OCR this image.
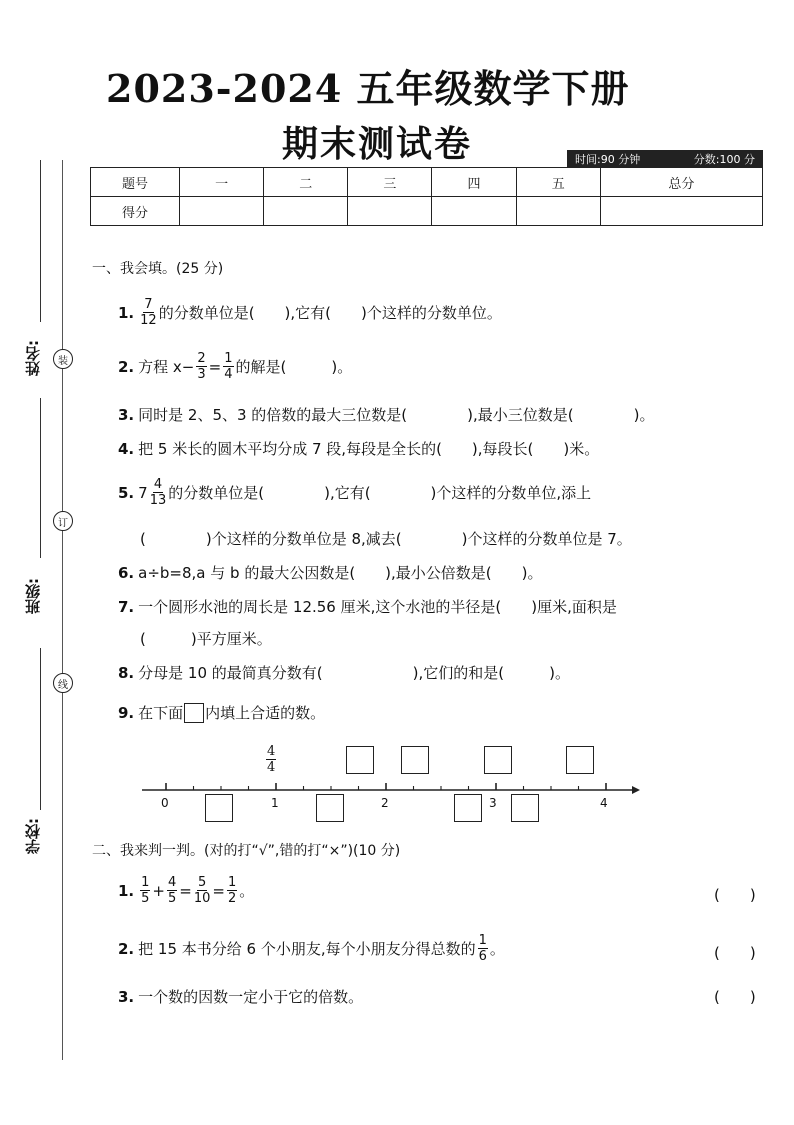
2023-2024 五年级数学下册
期末测试卷	时间:90 分钟	分数:100 分
题号	一	二	三	四	五	总分
得分						
姓名:
班级:
学校:
装
订
线
一、我会填。(25 分)
1. $\frac{7}{12}$ 的分数单位是(　　),它有(　　)个这样的分数单位。
2. 方程 $x- \frac{2}{3} = \frac{1}{4}$ 的解是(　　　)。
3. 同时是 2、5、3 的倍数的最大三位数是(　　　　),最小三位数是(　　　　)。
4. 把 5 米长的圆木平均分成 7 段,每段是全长的(　　),每段长(　　)米。
5. $7 \frac{4}{13}$ 的分数单位是(　　　　),它有(　　　　)个这样的分数单位,添上
(　　　　)个这样的分数单位是 8,减去(　　　　)个这样的分数单位是 7。
6. a÷b=8,a 与 b 的最大公因数是(　　),最小公倍数是(　　)。
7. 一个圆形水池的周长是 12.56 厘米,这个水池的半径是(　　)厘米,面积是
(　　　)平方厘米。
8. 分母是 10 的最简真分数有(　　　　　　),它们的和是(　　　)。
9. 在下面 内填上合适的数。
$\frac{4}{4}$
0	1	2	3	4
二、我来判一判。(对的打“√”,错的打“×”)(10 分)
1. $\frac{1}{5} + \frac{4}{5} = \frac{5}{10} = \frac{1}{2}$ 。	(　　)
2. 把 15 本书分给 6 个小朋友,每个小朋友分得总数的 $\frac{1}{6}$ 。	(　　)
3. 一个数的因数一定小于它的倍数。	(　　)
